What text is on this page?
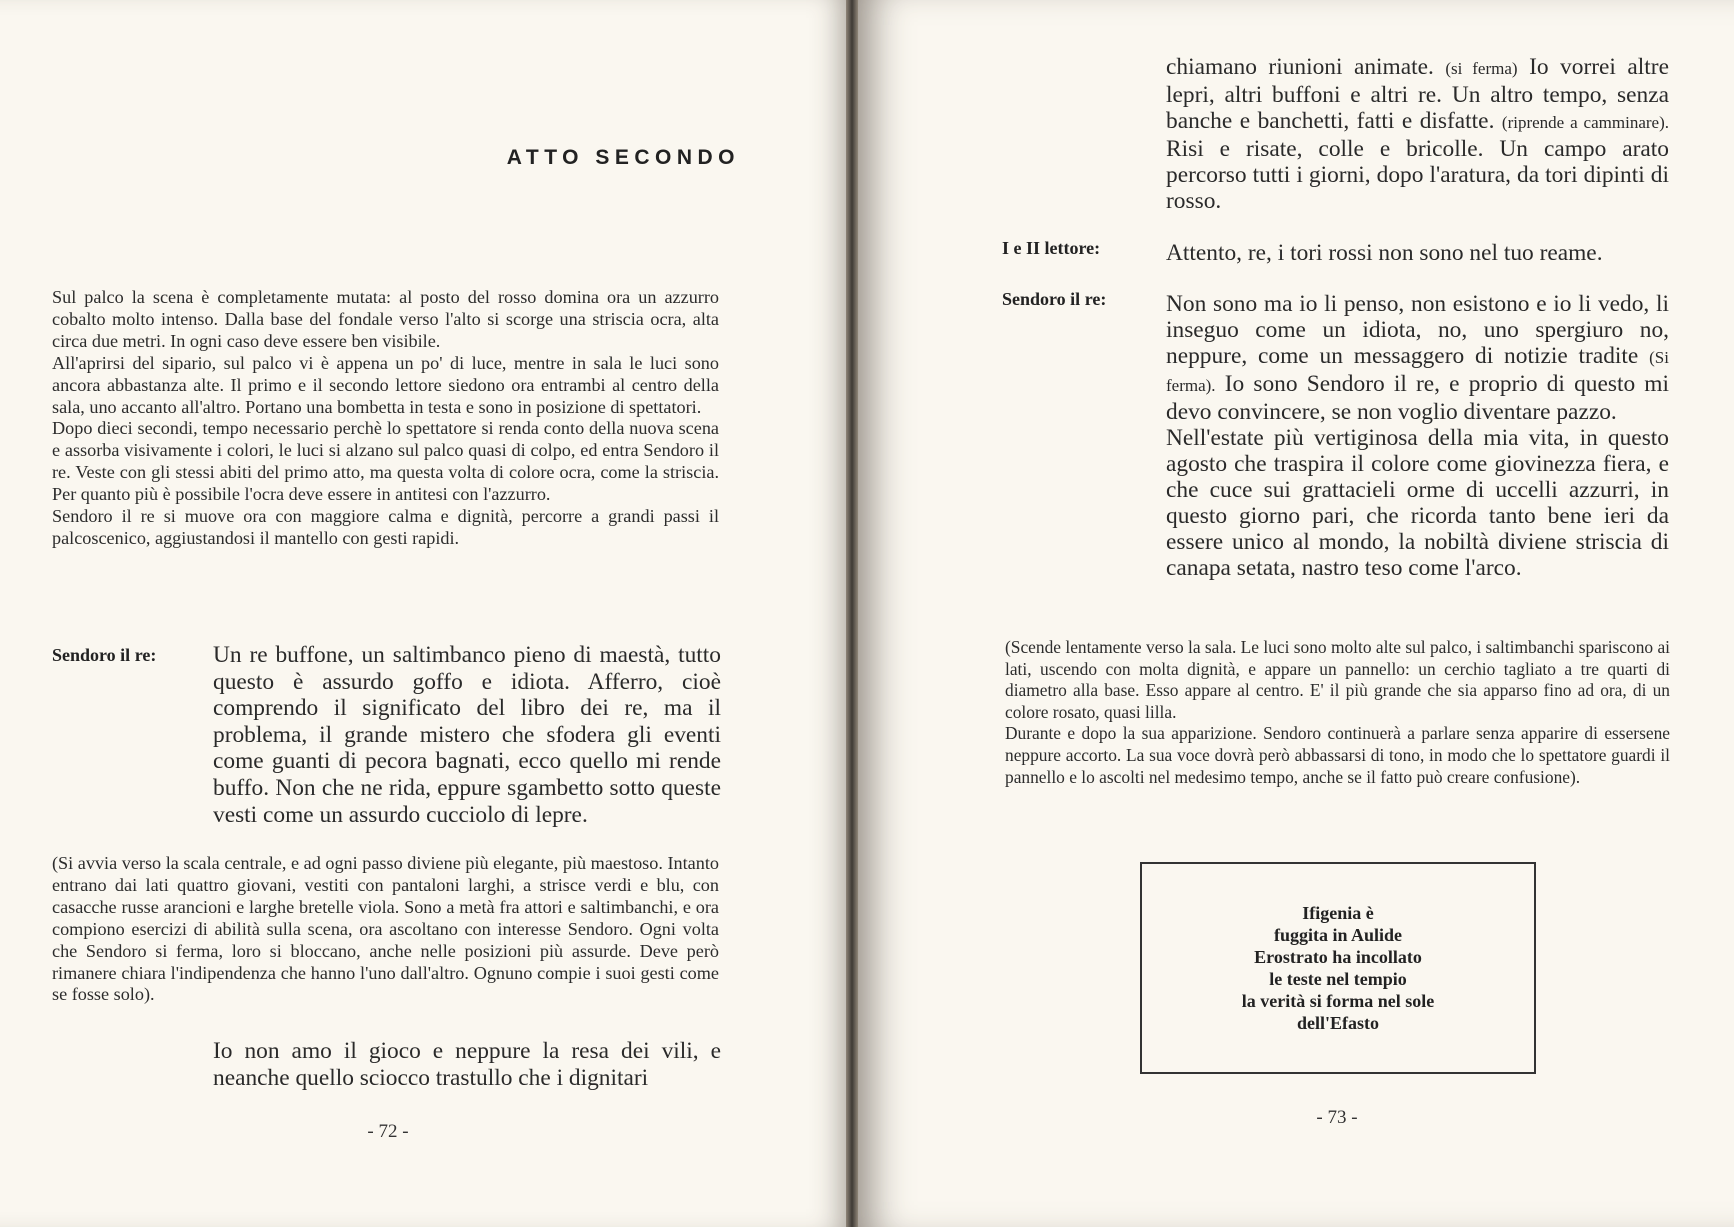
ATTO SECONDO

Sul palco la scena è completamente mutata: al posto del rosso domina ora un azzurro cobalto molto intenso. Dalla base del fondale verso l'alto si scorge una striscia ocra, alta circa due metri. In ogni caso deve essere ben visibile.

All'aprirsi del sipario, sul palco vi è appena un po' di luce, mentre in sala le luci sono ancora abbastanza alte. Il primo e il secondo lettore siedono ora entrambi al centro della sala, uno accanto all'altro. Portano una bombetta in testa e sono in posizione di spettatori.

Dopo dieci secondi, tempo necessario perchè lo spettatore si renda conto della nuova scena e assorba visivamente i colori, le luci si alzano sul palco quasi di colpo, ed entra Sendoro il re. Veste con gli stessi abiti del primo atto, ma questa volta di colore ocra, come la striscia. Per quanto più è possibile l'ocra deve essere in antitesi con l'azzurro.

Sendoro il re si muove ora con maggiore calma e dignità, percorre a grandi passi il palcoscenico, aggiustandosi il mantello con gesti rapidi.

Sendoro il re: Un re buffone, un saltimbanco pieno di maestà, tutto questo è assurdo goffo e idiota. Afferro, cioè comprendo il significato del libro dei re, ma il problema, il grande mistero che sfodera gli eventi come guanti di pecora bagnati, ecco quello mi rende buffo. Non che ne rida, eppure sgambetto sotto queste vesti come un assurdo cucciolo di lepre.
(Si avvia verso la scala centrale, e ad ogni passo diviene più elegante, più maestoso. Intanto entrano dai lati quattro giovani, vestiti con pantaloni larghi, a strisce verdi e blu, con casacche russe arancioni e larghe bretelle viola. Sono a metà fra attori e saltimbanchi, e ora compiono esercizi di abilità sulla scena, ora ascoltano con interesse Sendoro. Ogni volta che Sendoro si ferma, loro si bloccano, anche nelle posizioni più assurde. Deve però rimanere chiara l'indipendenza che hanno l'uno dall'altro. Ognuno compie i suoi gesti come se fosse solo).
Io non amo il gioco e neppure la resa dei vili, e neanche quello sciocco trastullo che i dignitari
- 72 -
chiamano riunioni animate. (si ferma) Io vorrei altre lepri, altri buffoni e altri re. Un altro tempo, senza banche e banchetti, fatti e disfatte. (riprende a camminare). Risi e risate, colle e bricolle. Un campo arato percorso tutti i giorni, dopo l'aratura, da tori dipinti di rosso.
I e II lettore:	Attento, re, i tori rossi non sono nel tuo reame.
Sendoro il re:	Non sono ma io li penso, non esistono e io li vedo, li inseguo come un idiota, no, uno spergiuro no, neppure, come un messaggero di notizie tradite (Si ferma). Io sono Sendoro il re, e proprio di questo mi devo convincere, se non voglio diventare pazzo.

Nell'estate più vertiginosa della mia vita, in questo agosto che traspira il colore come giovinezza fiera, e che cuce sui grattacieli orme di uccelli azzurri, in questo giorno pari, che ricorda tanto bene ieri da essere unico al mondo, la nobiltà diviene striscia di canapa setata, nastro teso come l'arco.

(Scende lentamente verso la sala. Le luci sono molto alte sul palco, i saltimbanchi spariscono ai lati, uscendo con molta dignità, e appare un pannello: un cerchio tagliato a tre quarti di diametro alla base. Esso appare al centro. E' il più grande che sia apparso fino ad ora, di un colore rosato, quasi lilla.

Durante e dopo la sua apparizione. Sendoro continuerà a parlare senza apparire di essersene neppure accorto. La sua voce dovrà però abbassarsi di tono, in modo che lo spettatore guardi il pannello e lo ascolti nel medesimo tempo, anche se il fatto può creare confusione).

Ifigenia è
fuggita in Aulide
Erostrato ha incollato
le teste nel tempio
la verità si forma nel sole
dell'Efasto
- 73 -
